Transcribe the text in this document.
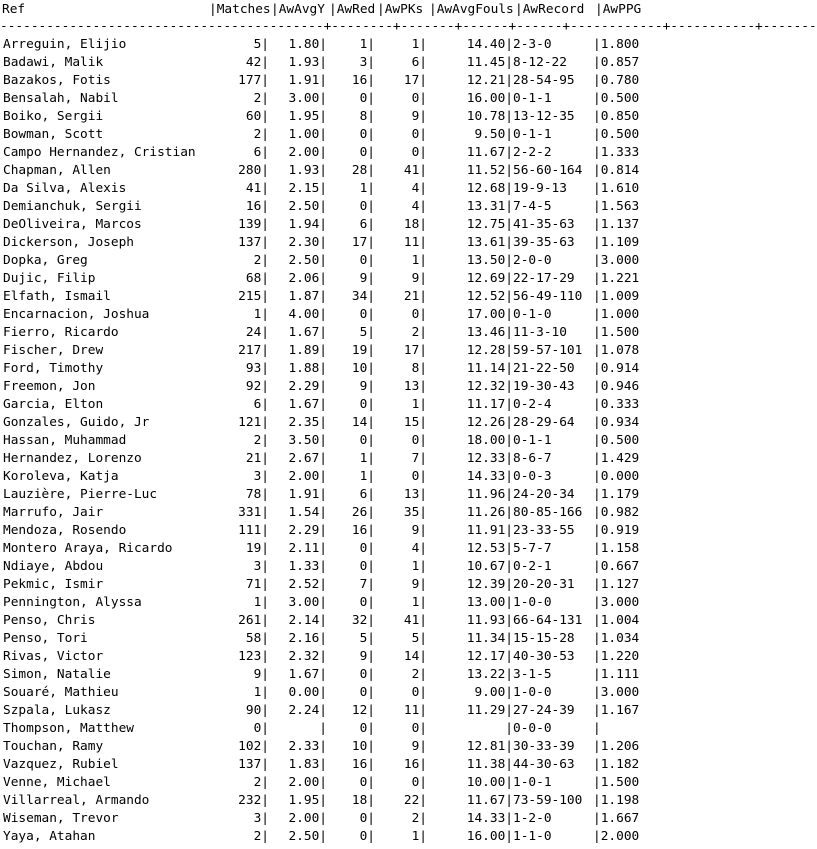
Ref	|Matches |AwAvgY |AwRed |AwPKs |AwAvgFouls |AwRecord |AwPPG
------------------------------------------+--------+-------+------+------+------------+-----------+-------
Arreguin, Elijio	5|	1.80|	1|	1|	14.40| 2-3-0	|1.800
Badawi, Malik	42|	1.93|	3|	6|	11.45| 8-12-22	|0.857
Bazakos, Fotis	177|	1.91|	16|	17|	12.21| 28-54-95	|0.780
Bensalah, Nabil	2|	3.00|	0|	0|	16.00| 0-1-1	|0.500
Boiko, Sergii	60|	1.95|	8|	9|	10.78| 13-12-35	|0.850
Bowman, Scott	2|	1.00|	0|	0|	9.50| 0-1-1	|0.500
Campo Hernandez, Cristian	6|	2.00|	0|	0|	11.67| 2-2-2	|1.333
Chapman, Allen	280|	1.93|	28|	41|	11.52| 56-60-164 |0.814
Da Silva, Alexis	41|	2.15|	1|	4|	12.68| 19-9-13	|1.610
Demianchuk, Sergii	16|	2.50|	0|	4|	13.31| 7-4-5	|1.563
DeOliveira, Marcos	139|	1.94|	6|	18|	12.75| 41-35-63	|1.137
Dickerson, Joseph	137|	2.30|	17|	11|	13.61| 39-35-63	|1.109
Dopka, Greg	2|	2.50|	0|	1|	13.50| 2-0-0	|3.000
Dujic, Filip	68|	2.06|	9|	9|	12.69| 22-17-29	|1.221
Elfath, Ismail	215|	1.87|	34|	21|	12.52| 56-49-110 |1.009
Encarnacion, Joshua	1|	4.00|	0|	0|	17.00| 0-1-0	|1.000
Fierro, Ricardo	24|	1.67|	5|	2|	13.46| 11-3-10	|1.500
Fischer, Drew	217|	1.89|	19|	17|	12.28| 59-57-101 |1.078
Ford, Timothy	93|	1.88|	10|	8|	11.14| 21-22-50	|0.914
Freemon, Jon	92|	2.29|	9|	13|	12.32| 19-30-43	|0.946
Garcia, Elton	6|	1.67|	0|	1|	11.17| 0-2-4	|0.333
Gonzales, Guido, Jr	121|	2.35|	14|	15|	12.26| 28-29-64	|0.934
Hassan, Muhammad	2|	3.50|	0|	0|	18.00| 0-1-1	|0.500
Hernandez, Lorenzo	21|	2.67|	1|	7|	12.33| 8-6-7	|1.429
Koroleva, Katja	3|	2.00|	1|	0|	14.33| 0-0-3	|0.000
Lauzière, Pierre-Luc	78|	1.91|	6|	13|	11.96| 24-20-34	|1.179
Marrufo, Jair	331|	1.54|	26|	35|	11.26| 80-85-166 |0.982
Mendoza, Rosendo	111|	2.29|	16|	9|	11.91| 23-33-55	|0.919
Montero Araya, Ricardo	19|	2.11|	0|	4|	12.53| 5-7-7	|1.158
Ndiaye, Abdou	3|	1.33|	0|	1|	10.67| 0-2-1	|0.667
Pekmic, Ismir	71|	2.52|	7|	9|	12.39| 20-20-31	|1.127
Pennington, Alyssa	1|	3.00|	0|	1|	13.00| 1-0-0	|3.000
Penso, Chris	261|	2.14|	32|	41|	11.93| 66-64-131 |1.004
Penso, Tori	58|	2.16|	5|	5|	11.34| 15-15-28	|1.034
Rivas, Victor	123|	2.32|	9|	14|	12.17| 40-30-53	|1.220
Simon, Natalie	9|	1.67|	0|	2|	13.22| 3-1-5	|1.111
Souaré, Mathieu	1|	0.00|	0|	0|	9.00| 1-0-0	|3.000
Szpala, Lukasz	90|	2.24|	12|	11|	11.29| 27-24-39	|1.167
Thompson, Matthew	0|	|	0|	0|	| 0-0-0	|
Touchan, Ramy	102|	2.33|	10|	9|	12.81| 30-33-39	|1.206
Vazquez, Rubiel	137|	1.83|	16|	16|	11.38| 44-30-63	|1.182
Venne, Michael	2|	2.00|	0|	0|	10.00| 1-0-1	|1.500
Villarreal, Armando	232|	1.95|	18|	22|	11.67| 73-59-100 |1.198
Wiseman, Trevor	3|	2.00|	0|	2|	14.33| 1-2-0	|1.667
Yaya, Atahan	2|	2.50|	0|	1|	16.00| 1-1-0	|2.000
